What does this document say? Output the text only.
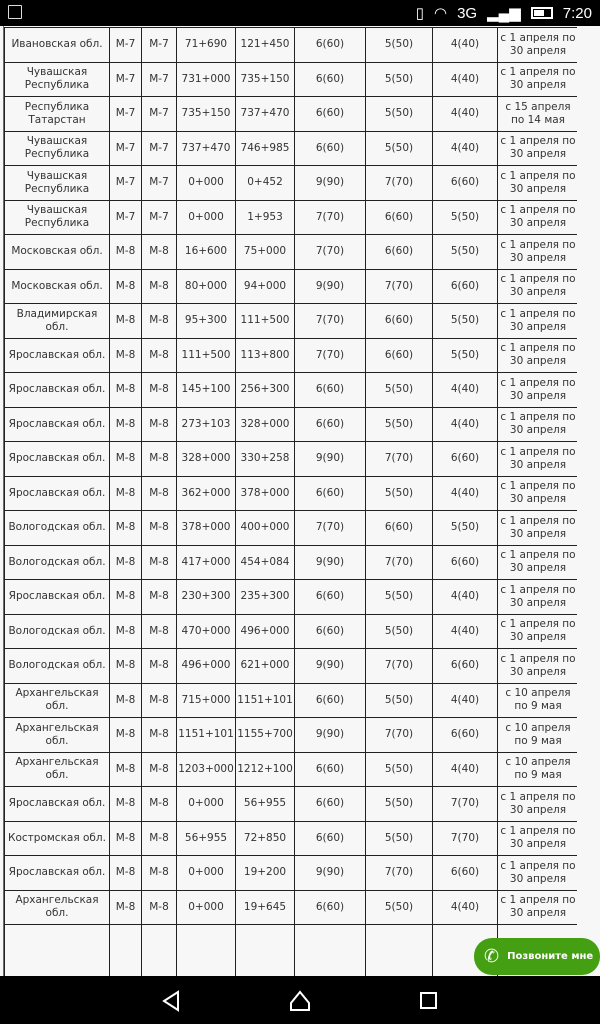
▯ ◠ 3G ▂▄▆	7:20
Ивановская обл.	М-7	М-7	71+690	121+450	6(60)	5(50)	4(40)	с 1 апреля по 30 апреля
Чувашская Республика	М-7	М-7	731+000	735+150	6(60)	5(50)	4(40)	с 1 апреля по 30 апреля
Республика Татарстан	М-7	М-7	735+150	737+470	6(60)	5(50)	4(40)	с 15 апреля по 14 мая
Чувашская Республика	М-7	М-7	737+470	746+985	6(60)	5(50)	4(40)	с 1 апреля по 30 апреля
Чувашская Республика	М-7	М-7	0+000	0+452	9(90)	7(70)	6(60)	с 1 апреля по 30 апреля
Чувашская Республика	М-7	М-7	0+000	1+953	7(70)	6(60)	5(50)	с 1 апреля по 30 апреля
Московская обл.	М-8	М-8	16+600	75+000	7(70)	6(60)	5(50)	с 1 апреля по 30 апреля
Московская обл.	М-8	М-8	80+000	94+000	9(90)	7(70)	6(60)	с 1 апреля по 30 апреля
Владимирская обл.	М-8	М-8	95+300	111+500	7(70)	6(60)	5(50)	с 1 апреля по 30 апреля
Ярославская обл.	М-8	М-8	111+500	113+800	7(70)	6(60)	5(50)	с 1 апреля по 30 апреля
Ярославская обл.	М-8	М-8	145+100	256+300	6(60)	5(50)	4(40)	с 1 апреля по 30 апреля
Ярославская обл.	М-8	М-8	273+103	328+000	6(60)	5(50)	4(40)	с 1 апреля по 30 апреля
Ярославская обл.	М-8	М-8	328+000	330+258	9(90)	7(70)	6(60)	с 1 апреля по 30 апреля
Ярославская обл.	М-8	М-8	362+000	378+000	6(60)	5(50)	4(40)	с 1 апреля по 30 апреля
Вологодская обл.	М-8	М-8	378+000	400+000	7(70)	6(60)	5(50)	с 1 апреля по 30 апреля
Вологодская обл.	М-8	М-8	417+000	454+084	9(90)	7(70)	6(60)	с 1 апреля по 30 апреля
Ярославская обл.	М-8	М-8	230+300	235+300	6(60)	5(50)	4(40)	с 1 апреля по 30 апреля
Вологодская обл.	М-8	М-8	470+000	496+000	6(60)	5(50)	4(40)	с 1 апреля по 30 апреля
Вологодская обл.	М-8	М-8	496+000	621+000	9(90)	7(70)	6(60)	с 1 апреля по 30 апреля
Архангельская обл.	М-8	М-8	715+000	1151+101	6(60)	5(50)	4(40)	с 10 апреля по 9 мая
Архангельская обл.	М-8	М-8	1151+101	1155+700	9(90)	7(70)	6(60)	с 10 апреля по 9 мая
Архангельская обл.	М-8	М-8	1203+000	1212+100	6(60)	5(50)	4(40)	с 10 апреля по 9 мая
Ярославская обл.	М-8	М-8	0+000	56+955	6(60)	5(50)	7(70)	с 1 апреля по 30 апреля
Костромская обл.	М-8	М-8	56+955	72+850	6(60)	5(50)	7(70)	с 1 апреля по 30 апреля
Ярославская обл.	М-8	М-8	0+000	19+200	9(90)	7(70)	6(60)	с 1 апреля по 30 апреля
Архангельская обл.	М-8	М-8	0+000	19+645	6(60)	5(50)	4(40)	с 1 апреля по 30 апреля

✆ Позвоните мне
